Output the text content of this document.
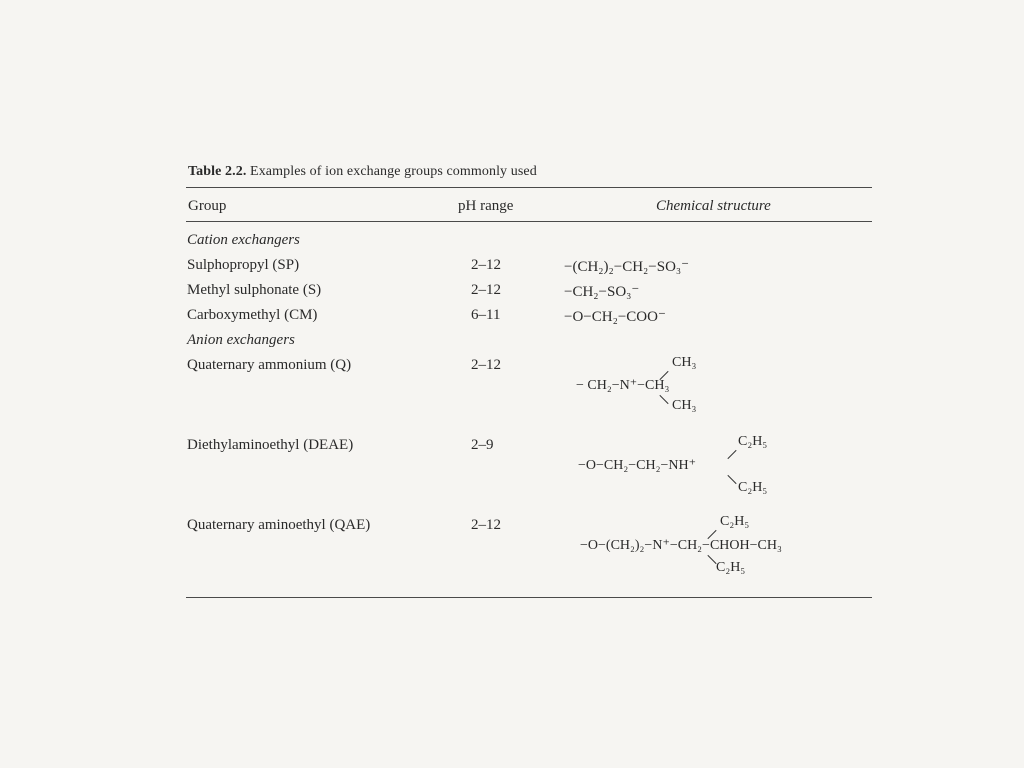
Table 2.2. Examples of ion exchange groups commonly used
Group	pH range	Chemical structure
Cation exchangers
Sulphopropyl (SP)	2–12	−(CH₂)₂−CH₂−SO₃⁻
Methyl sulphonate (S)	2–12	−CH₂−SO₃⁻
Carboxymethyl (CM)	6–11	−O−CH₂−COO⁻
Anion exchangers
Quaternary ammonium (Q)	2–12	CH₃
− CH₂−N⁺−CH₃
CH₃
Diethylaminoethyl (DEAE)	2–9	C₂H₅
−O−CH₂−CH₂−NH⁺
C₂H₅
Quaternary aminoethyl (QAE)	2–12	C₂H₅
−O−(CH₂)₂−N⁺−CH₂−CHOH−CH₃
C₂H₅
